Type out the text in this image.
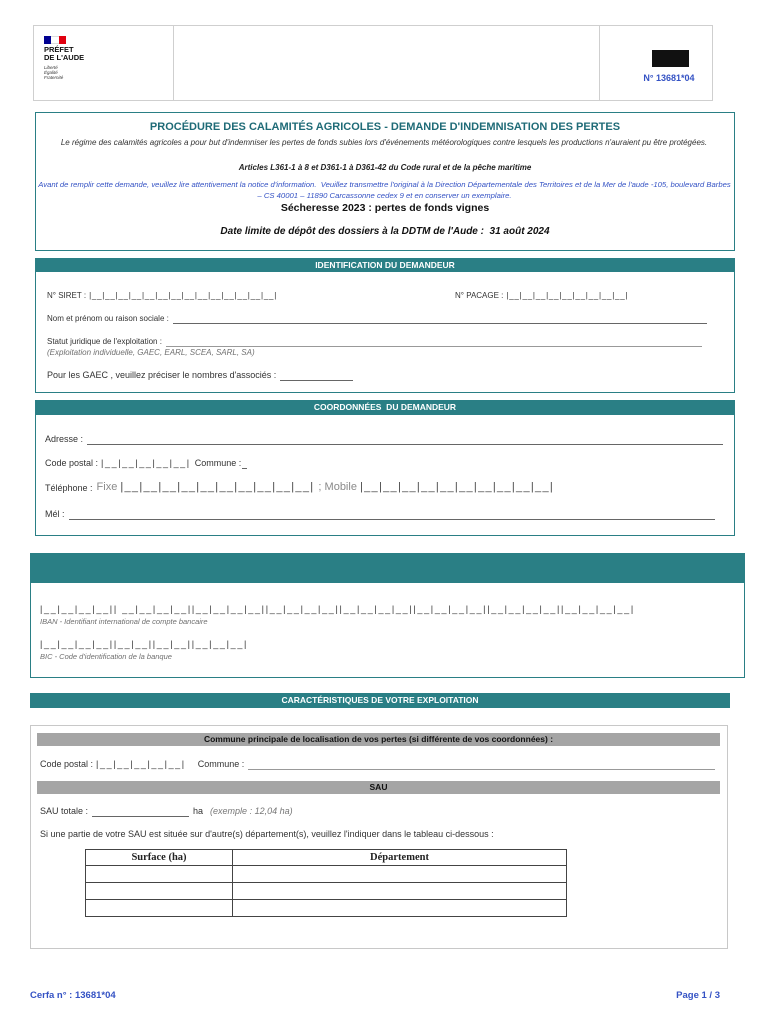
PRÉFET
DE L'AUDE
Liberté
Égalité
Fraternité	N° 13681*04
PROCÉDURE DES CALAMITÉS AGRICOLES - DEMANDE D'INDEMNISATION DES PERTES
Le régime des calamités agricoles a pour but d'indemniser les pertes de fonds subies lors d'événements météorologiques contre lesquels les productions n'auraient pu être protégées.
Articles L361-1 à 8 et D361-1 à D361-42 du Code rural et de la pêche maritime
Avant de remplir cette demande, veuillez lire attentivement la notice d'information.  Veuillez transmettre l'original à la Direction Départementale des Territoires et de la Mer de l'aude -105, boulevard Barbes – CS 40001 – 11890 Carcassonne cedex 9 et en conserver un exemplaire.
Sécheresse 2023 : pertes de fonds vignes
Date limite de dépôt des dossiers à la DDTM de l'Aude :  31 août 2024
IDENTIFICATION DU DEMANDEUR
N° SIRET : |__|__|__|__|__|__|__|__|__|__|__|__|__|__|	N° PACAGE : |__|__|__|__|__|__|__|__|__|
Nom et prénom ou raison sociale :
Statut juridique de l'exploitation :
(Exploitation individuelle, GAEC, EARL, SCEA, SARL, SA)
Pour les GAEC , veuillez préciser le nombres d'associés :
COORDONNÉES  DU DEMANDEUR
Adresse :
Code postal : |__|__|__|__|__| Commune :
Téléphone : Fixe |__|__|__|__|__|__|__|__|__|__| ; Mobile |__|__|__|__|__|__|__|__|__|__|
Mél :

COORDONNÉES DU COMPTE BANCAIRE

Joindre un RIB-IBAN ou inscrire ci-après les coordonnées de votre compte bancaire

|__|__|__|__|| __|__|__|__||__|__|__|__||__|__|__|__||__|__|__|__||__|__|__|__||__|__|__|__||__|__|__|__|
IBAN - Identifiant international de compte bancaire
|__|__|__|__||__|__||__|__||__|__|__|
BIC - Code d'identification de la banque
CARACTÉRISTIQUES DE VOTRE EXPLOITATION
Commune principale de localisation de vos pertes (si différente de vos coordonnées) :
Code postal : |__|__|__|__|__| Commune :
SAU
SAU totale :	ha (exemple : 12,04 ha)
Si une partie de votre SAU est située sur d'autre(s) département(s), veuillez l'indiquer dans le tableau ci-dessous :
Surface (ha)	Département

Cerfa n° : 13681*04	Page 1 / 3
